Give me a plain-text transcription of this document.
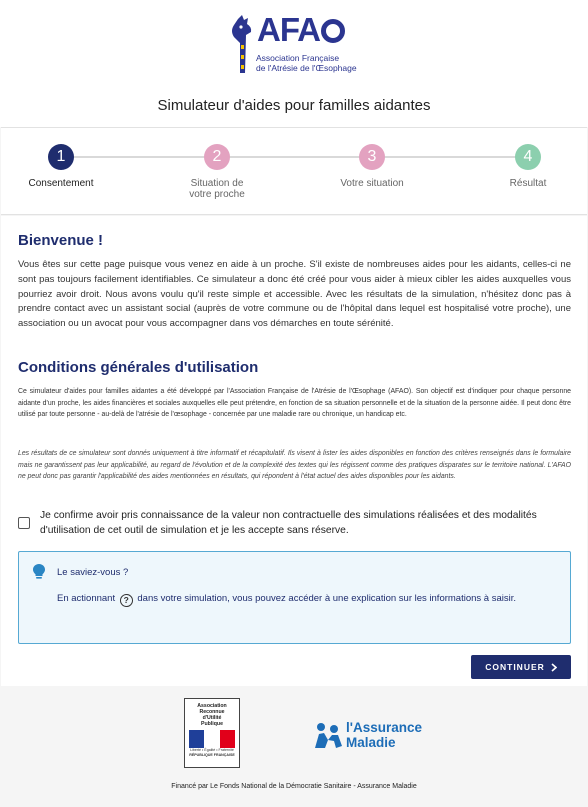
AFA
Association Française
de l'Atrésie de l'Œsophage
Simulateur d'aides pour familles aidantes
1
Consentement
2
Situation de votre proche
3
Votre situation
4
Résultat
Bienvenue !

Vous êtes sur cette page puisque vous venez en aide à un proche. S'il existe de nombreuses aides pour les aidants, celles-ci ne sont pas toujours facilement identifiables. Ce simulateur a donc été créé pour vous aider à mieux cibler les aides auxquelles vous pourriez avoir droit. Nous avons voulu qu'il reste simple et accessible. Avec les résultats de la simulation, n'hésitez donc pas à prendre contact avec un assistant social (auprès de votre commune ou de l'hôpital dans lequel est hospitalisé votre proche), une association ou un avocat pour vous accompagner dans vos démarches en toute sérénité.

Conditions générales d'utilisation

Ce simulateur d'aides pour familles aidantes a été développé par l'Association Française de l'Atrésie de l'Œsophage (AFAO). Son objectif est d'indiquer pour chaque personne aidante d'un proche, les aides financières et sociales auxquelles elle peut prétendre, en fonction de sa situation personnelle et de la situation de la personne aidée. Il peut donc être utilisé par toute personne - au-delà de l'atrésie de l'œsophage - concernée par une maladie rare ou chronique, un handicap etc.

Les résultats de ce simulateur sont donnés uniquement à titre informatif et récapitulatif. Ils visent à lister les aides disponibles en fonction des critères renseignés dans le formulaire mais ne garantissent pas leur applicabilité, au regard de l'évolution et de la complexité des textes qui les régissent comme des pratiques disparates sur le territoire national. L'AFAO ne peut donc pas garantir l'applicabilité des aides mentionnées en résultats, qui répondent à l'état actuel des aides disponibles pour les aidants.

Je confirme avoir pris connaissance de la valeur non contractuelle des simulations réalisées et des modalités d'utilisation de cet outil de simulation et je les accepte sans réserve.
Le saviez-vous ?
En actionnant ? dans votre simulation, vous pouvez accéder à une explication sur les informations à saisir.
CONTINUER
Association
Reconnue
d'Utilité
Publique
Liberté • Égalité • Fraternité
RÉPUBLIQUE FRANÇAISE
l'Assurance
Maladie
Financé par Le Fonds National de la Démocratie Sanitaire - Assurance Maladie
